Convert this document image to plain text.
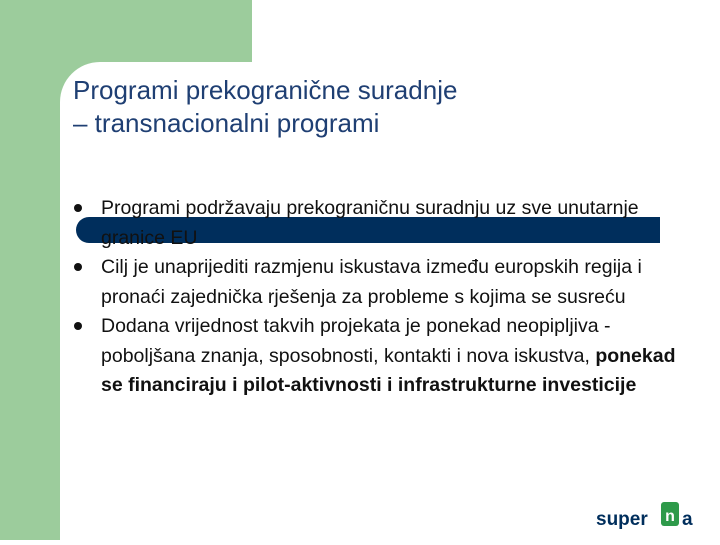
Programi prekogranične suradnje
– transnacionalni programi
Programi podržavaju prekograničnu suradnju uz sve unutarnje granice EU
Cilj je unaprijediti razmjenu iskustava između europskih regija i pronaći zajednička rješenja za probleme s kojima se susreću
Dodana vrijednost takvih projekata je ponekad neopipljiva - poboljšana znanja, sposobnosti, kontakti i nova iskustva, ponekad se financiraju i pilot-aktivnosti i infrastrukturne investicije
super n a
